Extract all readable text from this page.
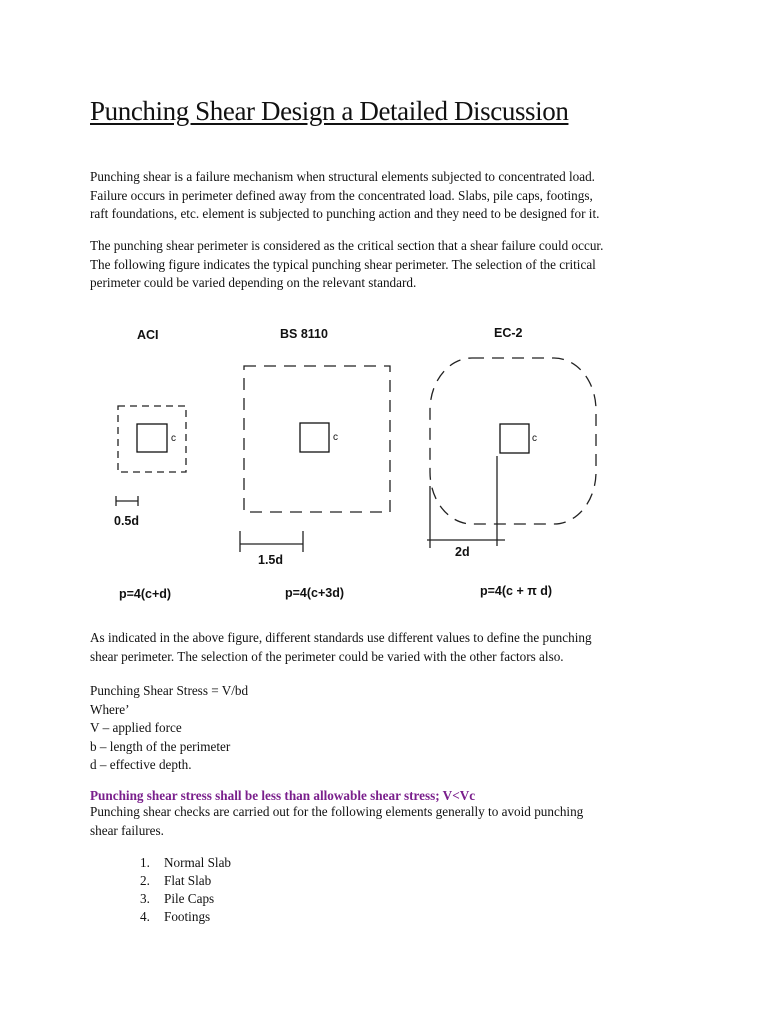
Punching Shear Design a Detailed Discussion

Punching shear is a failure mechanism when structural elements subjected to concentrated load.
Failure occurs in perimeter defined away from the concentrated load. Slabs, pile caps, footings,
raft foundations, etc. element is subjected to punching action and they need to be designed for it.

The punching shear perimeter is considered as the critical section that a shear failure could occur.
The following figure indicates the typical punching shear perimeter. The selection of the critical
perimeter could be varied depending on the relevant standard.

ACI	BS 8110	EC-2
c	c	c
0.5d
1.5d
2d
p=4(c+d)	p=4(c+3d)	p=4(c + π d)

As indicated in the above figure, different standards use different values to define the punching
shear perimeter. The selection of the perimeter could be varied with the other factors also.

Punching Shear Stress = V/bd
Where’
V – applied force
b – length of the perimeter
d – effective depth.

Punching shear stress shall be less than allowable shear stress; V<Vc

Punching shear checks are carried out for the following elements generally to avoid punching
shear failures.

1.	Normal Slab
2.	Flat Slab
3.	Pile Caps
4.	Footings
